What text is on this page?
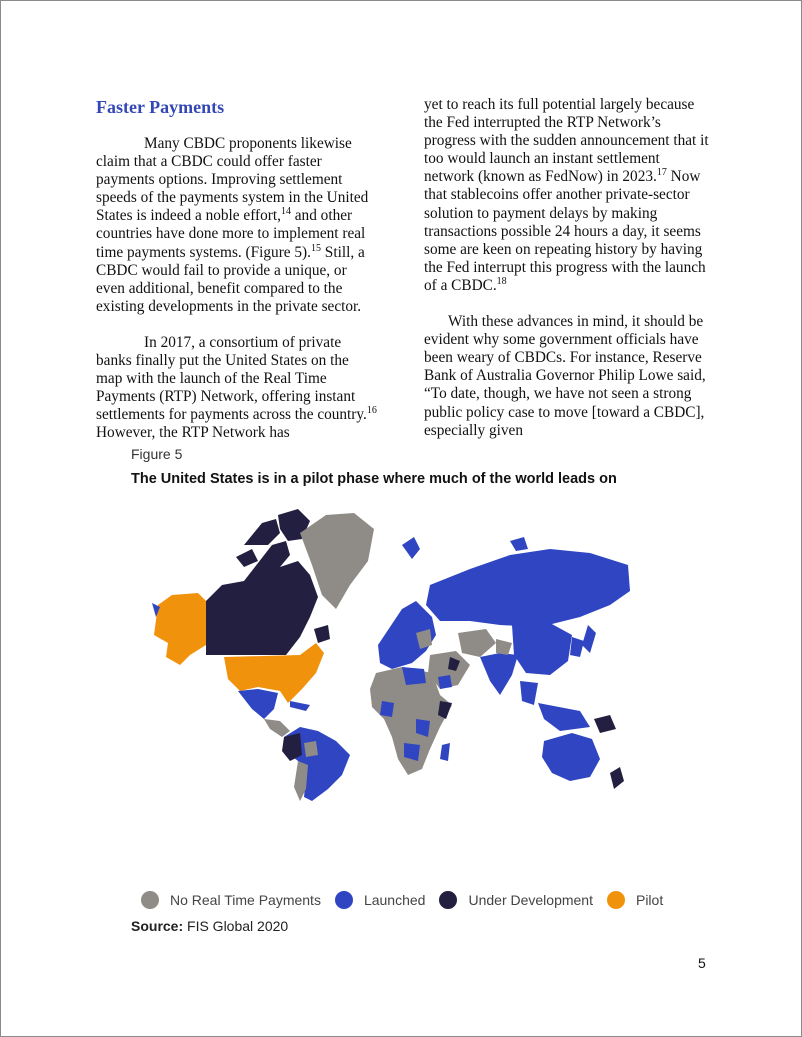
Faster Payments

Many CBDC proponents likewise claim that a CBDC could offer faster payments options. Improving settlement speeds of the payments system in the United States is indeed a noble effort,$^{14}$ and other countries have done more to implement real time payments systems. (Figure 5).$^{15}$ Still, a CBDC would fail to provide a unique, or even additional, benefit compared to the existing developments in the private sector.

In 2017, a consortium of private banks finally put the United States on the map with the launch of the Real Time Payments (RTP) Network, offering instant settlements for payments across the country.$^{16}$ However, the RTP Network has

yet to reach its full potential largely because the Fed interrupted the RTP Network’s progress with the sudden announcement that it too would launch an instant settlement network (known as FedNow) in 2023.17 Now that stablecoins offer another private-sector solution to payment delays by making transactions possible 24 hours a day, it seems some are keen on repeating history by having the Fed interrupt this progress with the launch of a CBDC.$^{18}$

With these advances in mind, it should be evident why some government officials have been weary of CBDCs. For instance, Reserve Bank of Australia Governor Philip Lowe said, “To date, though, we have not seen a strong public policy case to move [toward a CBDC], especially given

Figure 5
The United States is in a pilot phase where much of the world leads on
No Real Time Payments	Launched	Under Development	Pilot
Source: FIS Global 2020
5
